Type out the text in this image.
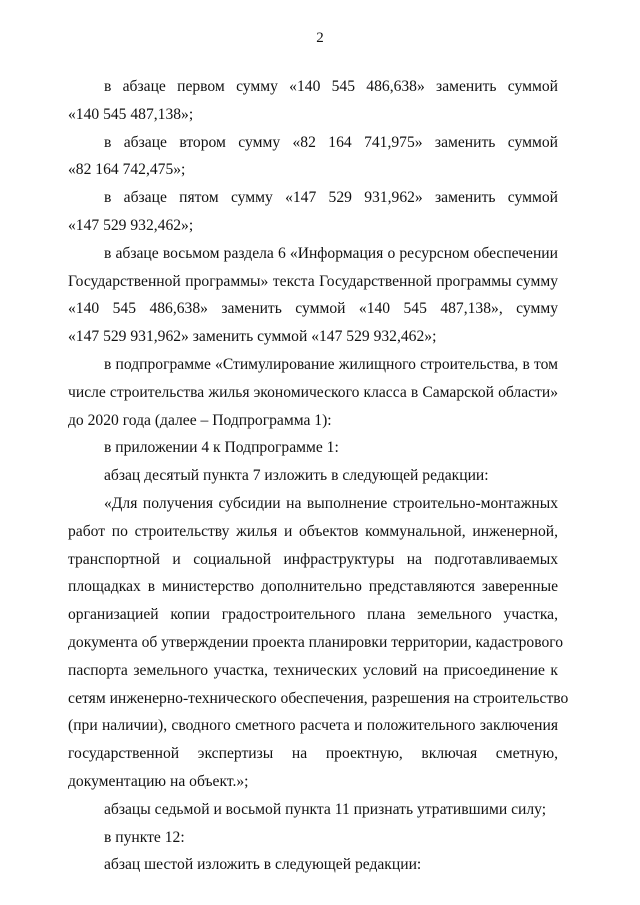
2
в абзаце первом сумму «140 545 486,638» заменить суммой
«140 545 487,138»;
в абзаце втором сумму «82 164 741,975» заменить суммой
«82 164 742,475»;
в абзаце пятом сумму «147 529 931,962» заменить суммой
«147 529 932,462»;
в абзаце восьмом раздела 6 «Информация о ресурсном обеспечении
Государственной программы» текста Государственной программы сумму
«140 545 486,638» заменить суммой «140 545 487,138», сумму
«147 529 931,962» заменить суммой «147 529 932,462»;
в подпрограмме «Стимулирование жилищного строительства, в том
числе строительства жилья экономического класса в Самарской области»
до 2020 года (далее – Подпрограмма 1):
в приложении 4 к Подпрограмме 1:
абзац десятый пункта 7 изложить в следующей редакции:
«Для получения субсидии на выполнение строительно-монтажных
работ по строительству жилья и объектов коммунальной, инженерной,
транспортной и социальной инфраструктуры на подготавливаемых
площадках в министерство дополнительно представляются заверенные
организацией копии градостроительного плана земельного участка,
документа об утверждении проекта планировки территории, кадастрового
паспорта земельного участка, технических условий на присоединение к
сетям инженерно-технического обеспечения, разрешения на строительство
(при наличии), сводного сметного расчета и положительного заключения
государственной экспертизы на проектную, включая сметную,
документацию на объект.»;
абзацы седьмой и восьмой пункта 11 признать утратившими силу;
в пункте 12:
абзац шестой изложить в следующей редакции:
